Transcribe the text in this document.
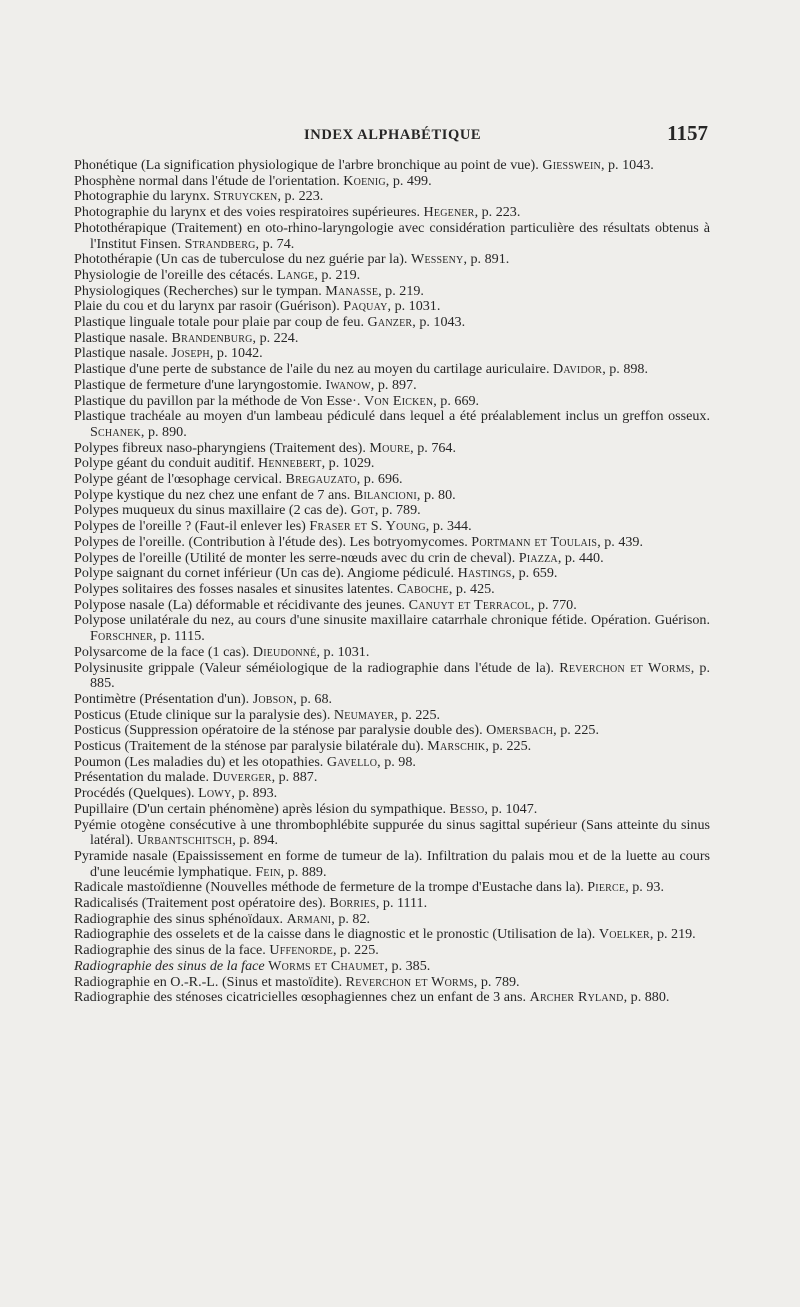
INDEX ALPHABÉTIQUE	1157

Phonétique (La signification physiologique de l'arbre bronchique au point de vue). Giesswein, p. 1043.

Phosphène normal dans l'étude de l'orientation. Koenig, p. 499.

Photographie du larynx. Struycken, p. 223.

Photographie du larynx et des voies respiratoires supérieures. Hegener, p. 223.

Photothérapique (Traitement) en oto-rhino-laryngologie avec considération particulière des résultats obtenus à l'Institut Finsen. Strandberg, p. 74.

Photothérapie (Un cas de tuberculose du nez guérie par la). Wesseny, p. 891.

Physiologie de l'oreille des cétacés. Lange, p. 219.

Physiologiques (Recherches) sur le tympan. Manasse, p. 219.

Plaie du cou et du larynx par rasoir (Guérison). Paquay, p. 1031.

Plastique linguale totale pour plaie par coup de feu. Ganzer, p. 1043.

Plastique nasale. Brandenburg, p. 224.

Plastique nasale. Joseph, p. 1042.

Plastique d'une perte de substance de l'aile du nez au moyen du cartilage auriculaire. Davidor, p. 898.

Plastique de fermeture d'une laryngostomie. Iwanow, p. 897.

Plastique du pavillon par la méthode de Von Esse·. Von Eicken, p. 669.

Plastique trachéale au moyen d'un lambeau pédiculé dans lequel a été préalablement inclus un greffon osseux. Schanek, p. 890.

Polypes fibreux naso-pharyngiens (Traitement des). Moure, p. 764.

Polype géant du conduit auditif. Hennebert, p. 1029.

Polype géant de l'œsophage cervical. Bregauzato, p. 696.

Polype kystique du nez chez une enfant de 7 ans. Bilancioni, p. 80.

Polypes muqueux du sinus maxillaire (2 cas de). Got, p. 789.

Polypes de l'oreille ? (Faut-il enlever les) Fraser et S. Young, p. 344.

Polypes de l'oreille. (Contribution à l'étude des). Les botryomycomes. Portmann et Toulais, p. 439.

Polypes de l'oreille (Utilité de monter les serre-nœuds avec du crin de cheval). Piazza, p. 440.

Polype saignant du cornet inférieur (Un cas de). Angiome pédiculé. Hastings, p. 659.

Polypes solitaires des fosses nasales et sinusites latentes. Caboche, p. 425.

Polypose nasale (La) déformable et récidivante des jeunes. Canuyt et Terracol, p. 770.

Polypose unilatérale du nez, au cours d'une sinusite maxillaire catarrhale chronique fétide. Opération. Guérison. Forschner, p. 1115.

Polysarcome de la face (1 cas). Dieudonné, p. 1031.

Polysinusite grippale (Valeur séméiologique de la radiographie dans l'étude de la). Reverchon et Worms, p. 885.

Pontimètre (Présentation d'un). Jobson, p. 68.

Posticus (Etude clinique sur la paralysie des). Neumayer, p. 225.

Posticus (Suppression opératoire de la sténose par paralysie double des). Omersbach, p. 225.

Posticus (Traitement de la sténose par paralysie bilatérale du). Marschik, p. 225.

Poumon (Les maladies du) et les otopathies. Gavello, p. 98.

Présentation du malade. Duverger, p. 887.

Procédés (Quelques). Lowy, p. 893.

Pupillaire (D'un certain phénomène) après lésion du sympathique. Besso, p. 1047.

Pyémie otogène consécutive à une thrombophlébite suppurée du sinus sagittal supérieur (Sans atteinte du sinus latéral). Urbantschitsch, p. 894.

Pyramide nasale (Epaississement en forme de tumeur de la). Infiltration du palais mou et de la luette au cours d'une leucémie lymphatique. Fein, p. 889.

Radicale mastoïdienne (Nouvelles méthode de fermeture de la trompe d'Eustache dans la). Pierce, p. 93.

Radicalisés (Traitement post opératoire des). Borries, p. 1111.

Radiographie des sinus sphénoïdaux. Armani, p. 82.

Radiographie des osselets et de la caisse dans le diagnostic et le pronostic (Utilisation de la). Voelker, p. 219.

Radiographie des sinus de la face. Uffenorde, p. 225.

Radiographie des sinus de la face Worms et Chaumet, p. 385.

Radiographie en O.-R.-L. (Sinus et mastoïdite). Reverchon et Worms, p. 789.

Radiographie des sténoses cicatricielles œsophagiennes chez un enfant de 3 ans. Archer Ryland, p. 880.
